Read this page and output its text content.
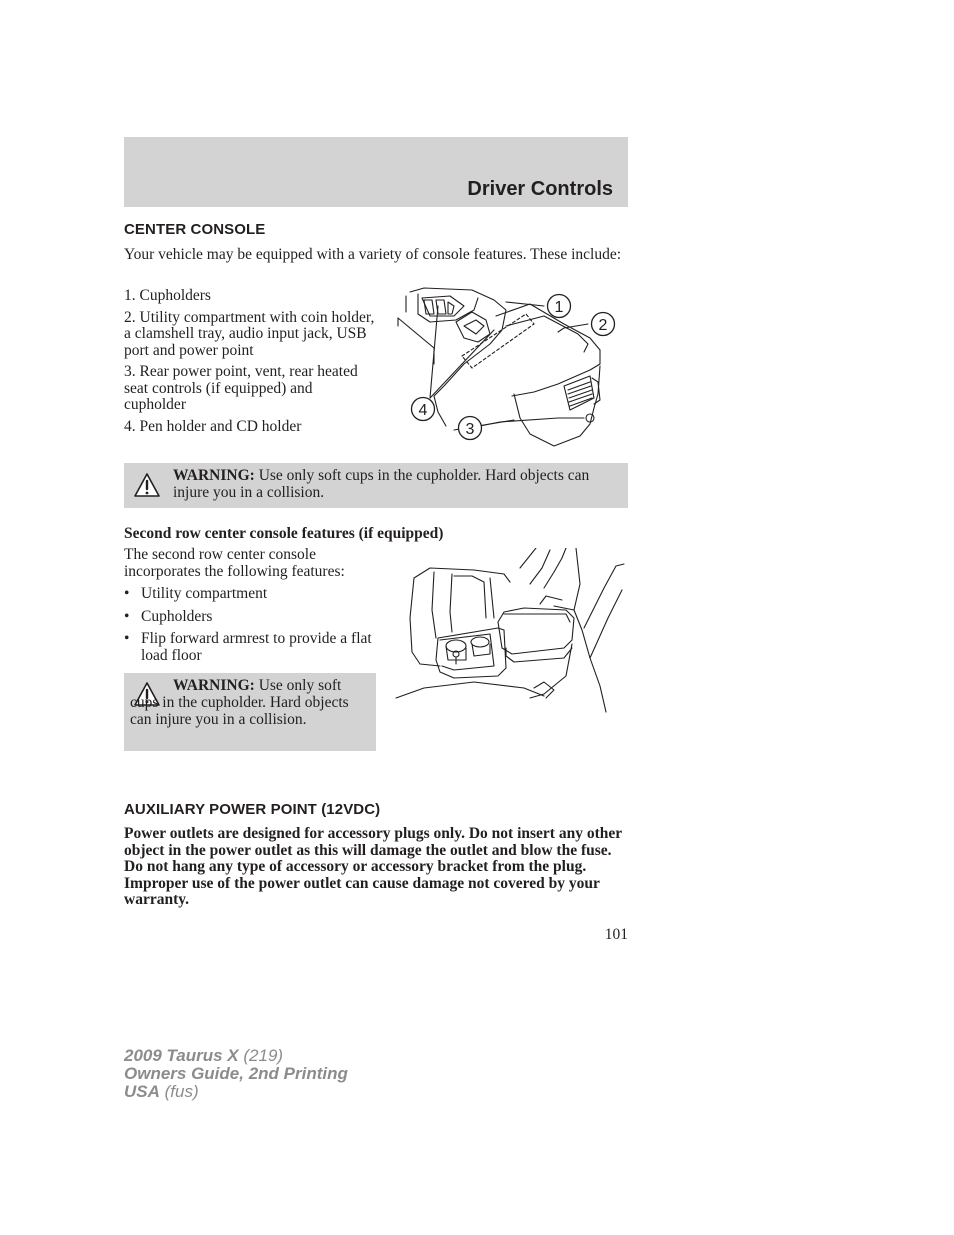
Driver Controls
CENTER CONSOLE
Your vehicle may be equipped with a variety of console features. These include:
1. Cupholders
2. Utility compartment with coin holder, a clamshell tray, audio input jack, USB port and power point
3. Rear power point, vent, rear heated seat controls (if equipped) and cupholder
4. Pen holder and CD holder
1
2
3
4
WARNING: Use only soft cups in the cupholder. Hard objects can injure you in a collision.
Second row center console features (if equipped)
The second row center console incorporates the following features:
• Utility compartment
• Cupholders
• Flip forward armrest to provide a flat load floor
WARNING: Use only soft cups in the cupholder. Hard objects can injure you in a collision.
AUXILIARY POWER POINT (12VDC)
Power outlets are designed for accessory plugs only. Do not insert any other object in the power outlet as this will damage the outlet and blow the fuse. Do not hang any type of accessory or accessory bracket from the plug. Improper use of the power outlet can cause damage not covered by your warranty.
101
2009 Taurus X (219)
Owners Guide, 2nd Printing
USA (fus)
